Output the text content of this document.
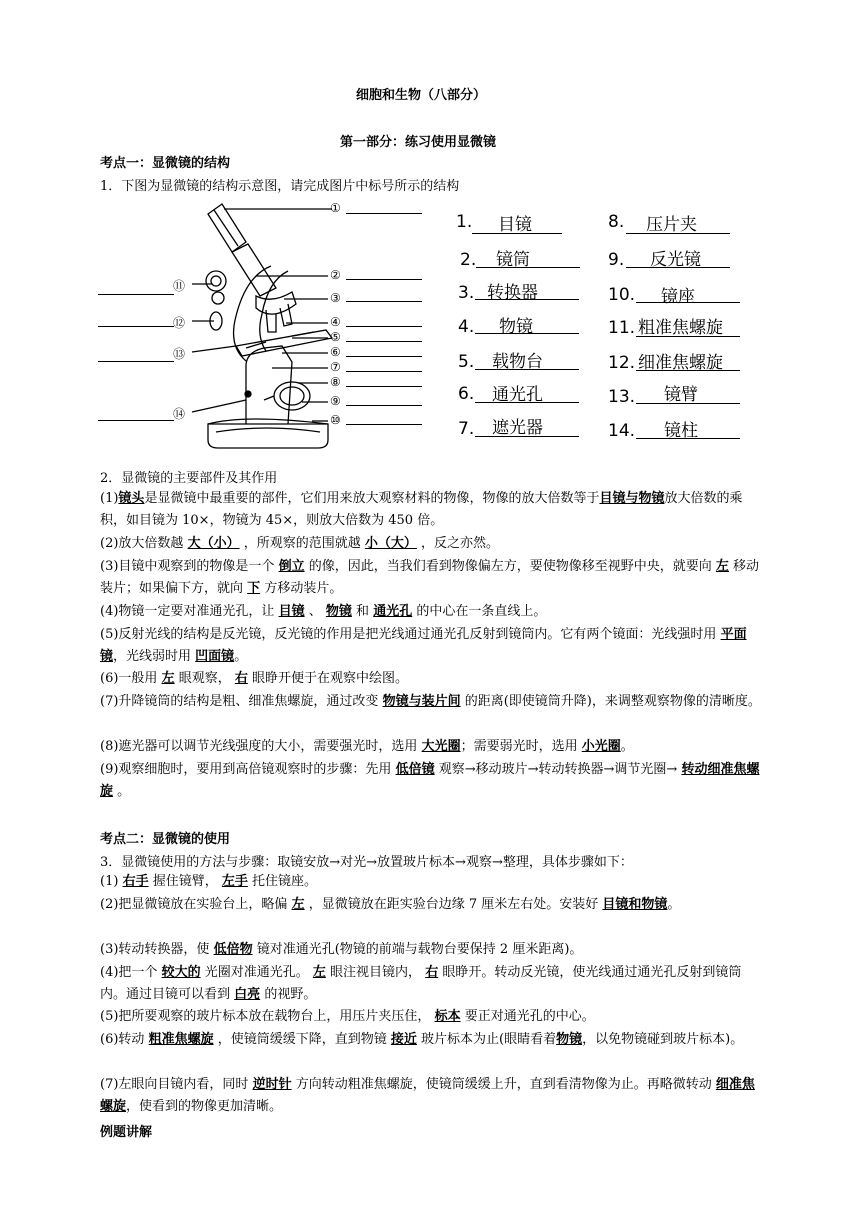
细胞和生物（八部分）
第一部分：练习使用显微镜
考点一：显微镜的结构
1．下图为显微镜的结构示意图，请完成图片中标号所示的结构
①
②
③
④
⑤
⑥
⑦
⑧
⑨
⑩
⑪
⑫
⑬
⑭
1. 目镜
2. 镜筒
3. 转换器
4. 物镜
5. 载物台
6. 通光孔
7. 遮光器
8. 压片夹
9. 反光镜
10. 镜座
11. 粗准焦螺旋
12. 细准焦螺旋
13. 镜臂
14. 镜柱
2．显微镜的主要部件及其作用

(1)镜头是显微镜中最重要的部件，它们用来放大观察材料的物像，物像的放大倍数等于目镜与物镜放大倍数的乘积，如目镜为 10×，物镜为 45×，则放大倍数为 450 倍。

(2)放大倍数越 大（小） ，所观察的范围就越 小（大） ，反之亦然。

(3)目镜中观察到的物像是一个 倒立 的像，因此，当我们看到物像偏左方，要使物像移至视野中央，就要向 左 移动装片；如果偏下方，就向 下 方移动装片。

(4)物镜一定要对准通光孔，让 目镜 、 物镜 和 通光孔 的中心在一条直线上。

(5)反射光线的结构是反光镜，反光镜的作用是把光线通过通光孔反射到镜筒内。它有两个镜面：光线强时用 平面镜，光线弱时用 凹面镜。

(6)一般用 左 眼观察， 右 眼睁开便于在观察中绘图。

(7)升降镜筒的结构是粗、细准焦螺旋，通过改变 物镜与装片间 的距离(即使镜筒升降)，来调整观察物像的清晰度。

(8)遮光器可以调节光线强度的大小，需要强光时，选用 大光圈；需要弱光时，选用 小光圈。

(9)观察细胞时，要用到高倍镜观察时的步骤：先用 低倍镜 观察→移动玻片→转动转换器→调节光圈→ 转动细准焦螺旋 。

考点二：显微镜的使用
3．显微镜使用的方法与步骤：取镜安放→对光→放置玻片标本→观察→整理，具体步骤如下：

(1) 右手 握住镜臂， 左手 托住镜座。

(2)把显微镜放在实验台上，略偏 左 ，显微镜放在距实验台边缘 7 厘米左右处。安装好 目镜和物镜。

(3)转动转换器，使 低倍物 镜对准通光孔(物镜的前端与载物台要保持 2 厘米距离)。

(4)把一个 较大的 光圈对准通光孔。 左 眼注视目镜内， 右 眼睁开。转动反光镜，使光线通过通光孔反射到镜筒内。通过目镜可以看到 白亮 的视野。

(5)把所要观察的玻片标本放在载物台上，用压片夹压住， 标本 要正对通光孔的中心。

(6)转动 粗准焦螺旋 ，使镜筒缓缓下降，直到物镜 接近 玻片标本为止(眼睛看着物镜，以免物镜碰到玻片标本)。

(7)左眼向目镜内看，同时 逆时针 方向转动粗准焦螺旋，使镜筒缓缓上升，直到看清物像为止。再略微转动 细准焦螺旋，使看到的物像更加清晰。

例题讲解
